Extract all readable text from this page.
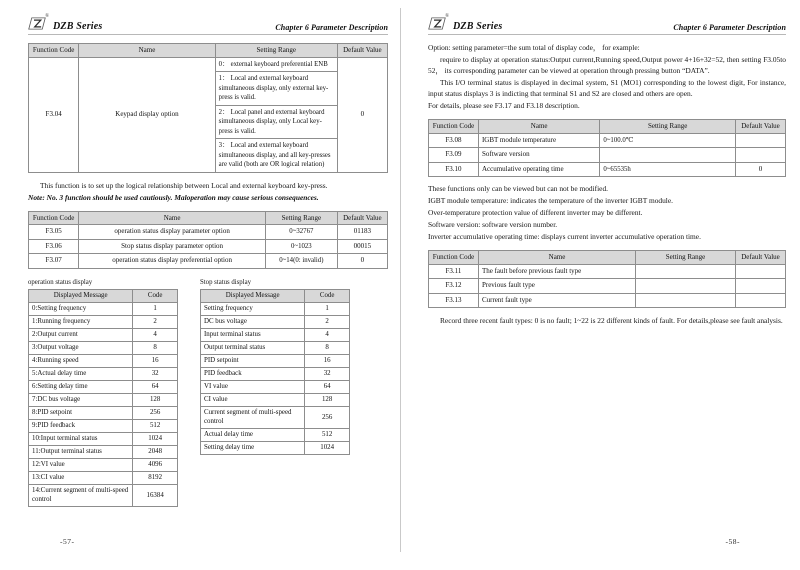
®
DZB Series	Chapter 6 Parameter Description
Function Code	Name	Setting Range	Default Value
F3.04	Keypad display option	0： external keyboard preferential ENB	0
		1： Local and external keyboard simultaneous display, only external key-press is valid.	
		2： Local panel and external keyboard simultaneous display, only Local key-press is valid.	
		3： Local and external keyboard simultaneous display, and all key-presses are valid (both are OR logical relation)	

This function is to set up the logical relationship between Local and external keyboard key-press.

Note: No. 3 function should be used cautiously. Maloperation may cause serious consequences.

Function Code	Name	Setting Range	Default Value
F3.05	operation status display parameter option	0~32767	01183
F3.06	Stop status display parameter option	0~1023	00015
F3.07	operation status display preferential option	0~14(0: invalid)	0
operation status display
Displayed Message	Code
0:Setting frequency	1
1:Running frequency	2
2:Output current	4
3:Output voltage	8
4:Running speed	16
5:Actual delay time	32
6:Setting delay time	64
7:DC bus voltage	128
8:PID setpoint	256
9:PID feedback	512
10:Input terminal status	1024
11:Output terminal status	2048
12:VI value	4096
13:CI value	8192
14:Current segment of multi-speed control	16384
Stop status display
Displayed Message	Code
Setting frequency	1
DC bus voltage	2
Input terminal status	4
Output terminal status	8
PID setpoint	16
PID feedback	32
VI value	64
CI value	128
Current segment of multi-speed control	256
Actual delay time	512
Setting delay time	1024
-57-
®
DZB Series	Chapter 6 Parameter Description

Option: setting parameter=the sum total of display code， for example:

require to display at operation status:Output current,Running speed,Output power 4+16+32=52, then setting F3.05to 52， its corresponding parameter can be viewed at operation through pressing button “DATA”.

This I/O terminal status is displayed in decimal system, S1 (MO1) corresponding to the lowest digit, For instance, input status displays 3 is indicting that terminal S1 and S2 are closed and others are open.

For details, please see F3.17 and F3.18 description.

Function Code	Name	Setting Range	Default Value
F3.08	IGBT module temperature	0~100.0℃	
F3.09	Software version		
F3.10	Accumulative operating time	0~65535h	0

These functions only can be viewed but can not be modified.

IGBT module temperature: indicates the temperature of the inverter IGBT module.

Over-temperature protection value of different inverter may be different.

Software version: software version number.

Inverter accumulative operating time: displays current inverter accumulative operation time.

Function Code	Name	Setting Range	Default Value
F3.11	The fault before previous fault type		
F3.12	Previous fault type		
F3.13	Current fault type		

Record three recent fault types: 0 is no fault; 1~22 is 22 different kinds of fault. For details,please see fault analysis.

-58-
